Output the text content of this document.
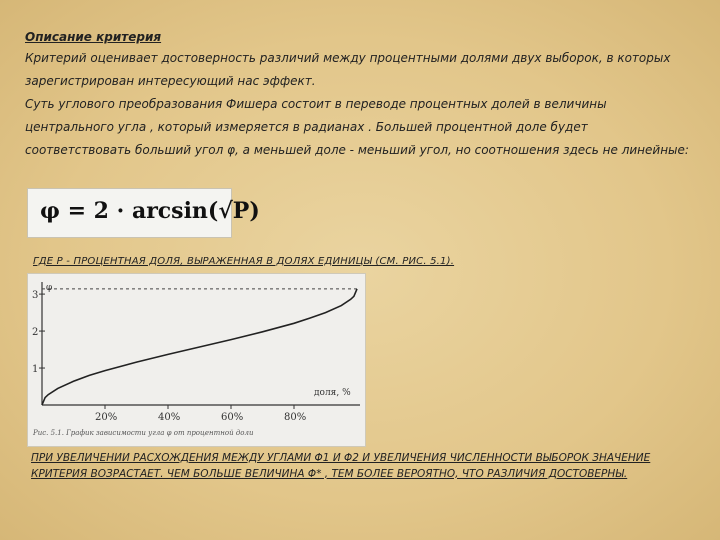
Описание критерия
Критерий оценивает достоверность различий между процентными долями двух выборок, в которых зарегистрирован интересующий нас эффект.
Суть углового преобразования Фишера состоит в переводе процентных долей в величины центрального угла , который измеряется в радианах . Большей процентной доле будет соответствовать больший угол φ, а меньшей доле - меньший угол, но соотношения здесь не линейные:
φ = 2 · arcsin(√P)
ГДЕ P - ПРОЦЕНТНАЯ ДОЛЯ, ВЫРАЖЕННАЯ В ДОЛЯХ ЕДИНИЦЫ (СМ. РИС. 5.1).
φ
доля, %
1
2
3
20%	40%	60%	80%
Рис. 5.1. График зависимости угла φ от процентной доли
ПРИ УВЕЛИЧЕНИИ РАСХОЖДЕНИЯ МЕЖДУ УГЛАМИ Φ1 И Φ2 И УВЕЛИЧЕНИЯ ЧИСЛЕННОСТИ ВЫБОРОК ЗНАЧЕНИЕ КРИТЕРИЯ ВОЗРАСТАЕТ. ЧЕМ БОЛЬШЕ ВЕЛИЧИНА Φ* , ТЕМ БОЛЕЕ ВЕРОЯТНО, ЧТО РАЗЛИЧИЯ ДОСТОВЕРНЫ.
